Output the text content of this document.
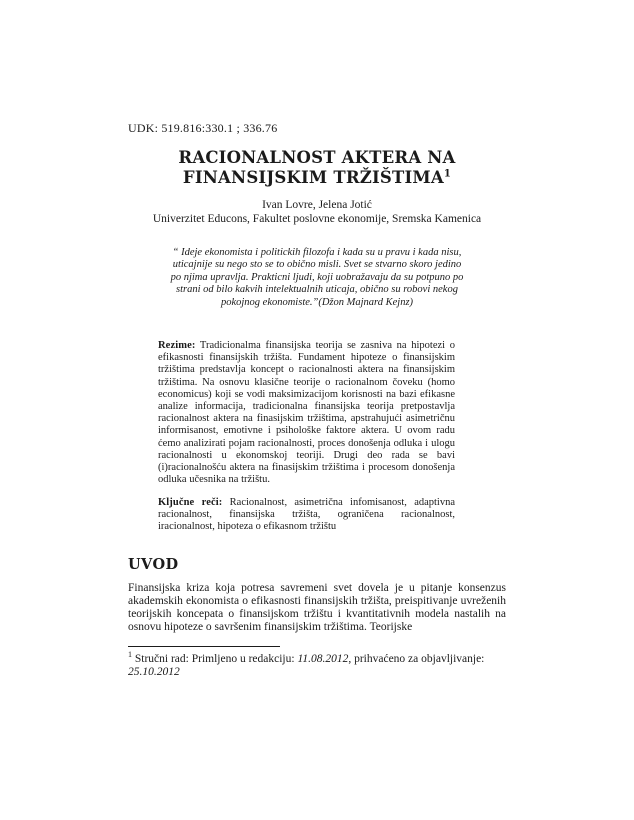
UDK: 519.816:330.1 ; 336.76
RACIONALNOST AKTERA NA
FINANSIJSKIM TRŽIŠTIMA$^1$
Ivan Lovre, Jelena Jotić
Univerzitet Educons, Fakultet poslovne ekonomije, Sremska Kamenica
“ Ideje ekonomista i politickih filozofa i kada su u pravu i kada nisu,
uticajnije su nego sto se to obično misli. Svet se stvarno skoro jedino
po njima upravlja. Prakticni ljudi, koji uobražavaju da su potpuno po
strani od bilo kakvih intelektualnih uticaja, obično su robovi nekog
pokojnog ekonomiste.”(Džon Majnard Kejnz)

Rezime: Tradicionalma finansijska teorija se zasniva na hipotezi o efikasnosti finansijskih tržišta. Fundament hipoteze o finansijskim tržištima predstavlja koncept o racionalnosti aktera na finansijskim tržištima. Na osnovu klasične teorije o racionalnom čoveku (homo economicus) koji se vodi maksimizacijom korisnosti na bazi efikasne analize informacija, tradicionalna finansijska teorija pretpostavlja racionalnost aktera na finasijskim tržištima, apstrahujući asimetričnu informisanost, emotivne i psihološke faktore aktera. U ovom radu ćemo analizirati pojam racionalnosti, proces donošenja odluka i ulogu racionalnosti u ekonomskoj teoriji. Drugi deo rada se bavi (i)racionalnošću aktera na finasijskim tržištima i procesom donošenja odluka učesnika na tržištu.

Ključne reči: Racionalnost, asimetrična infomisanost, adaptivna racionalnost, finansijska tržišta, ograničena racionalnost, iracionalnost, hipoteza o efikasnom tržištu

UVOD

Finansijska kriza koja potresa savremeni svet dovela je u pitanje konsenzus akademskih ekonomista o efikasnosti finansijskih tržišta, preispitivanje uvreženih teorijskih koncepata o finansijskom tržištu i kvantitativnih modela nastalih na osnovu hipoteze o savršenim finansijskim tržištima. Teorijske

$^1$ Stručni rad: Primljeno u redakciju: 11.08.2012, prihvaćeno za objavljivanje: 25.10.2012
